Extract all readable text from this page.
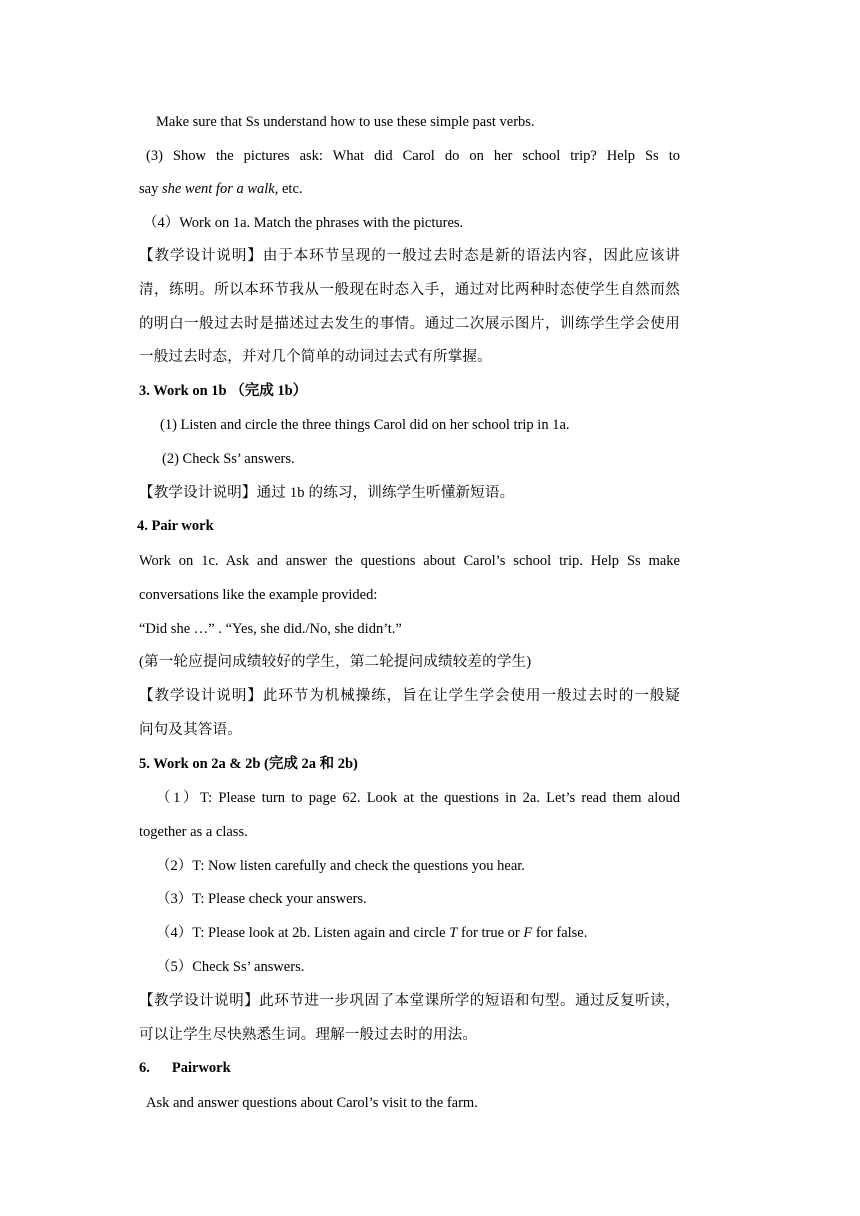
Make sure that Ss understand how to use these simple past verbs.
(3) Show the pictures ask: What did Carol do on her school trip? Help Ss to
say she went for a walk, etc.
（4）Work on 1a. Match the phrases with the pictures.
【教学设计说明】由于本环节呈现的一般过去时态是新的语法内容，因此应该讲
清，练明。所以本环节我从一般现在时态入手，通过对比两种时态使学生自然而然
的明白一般过去时是描述过去发生的事情。通过二次展示图片，训练学生学会使用
一般过去时态，并对几个简单的动词过去式有所掌握。
3. Work on 1b （完成 1b）
(1) Listen and circle the three things Carol did on her school trip in 1a.
(2) Check Ss’ answers.
【教学设计说明】通过 1b 的练习，训练学生听懂新短语。
4. Pair work
Work on 1c. Ask and answer the questions about Carol’s school trip. Help Ss make
conversations like the example provided:
“Did she …” . “Yes, she did./No, she didn’t.”
(第一轮应提问成绩较好的学生，第二轮提问成绩较差的学生)
【教学设计说明】此环节为机械操练，旨在让学生学会使用一般过去时的一般疑
问句及其答语。
5. Work on 2a & 2b (完成 2a 和 2b)
（1）T: Please turn to page 62. Look at the questions in 2a. Let’s read them aloud
together as a class.
（2）T: Now listen carefully and check the questions you hear.
（3）T: Please check your answers.
（4）T: Please look at 2b. Listen again and circle T for true or F for false.
（5）Check Ss’ answers.
【教学设计说明】此环节进一步巩固了本堂课所学的短语和句型。通过反复听读，
可以让学生尽快熟悉生词。理解一般过去时的用法。
6. Pairwork
Ask and answer questions about Carol’s visit to the farm.
